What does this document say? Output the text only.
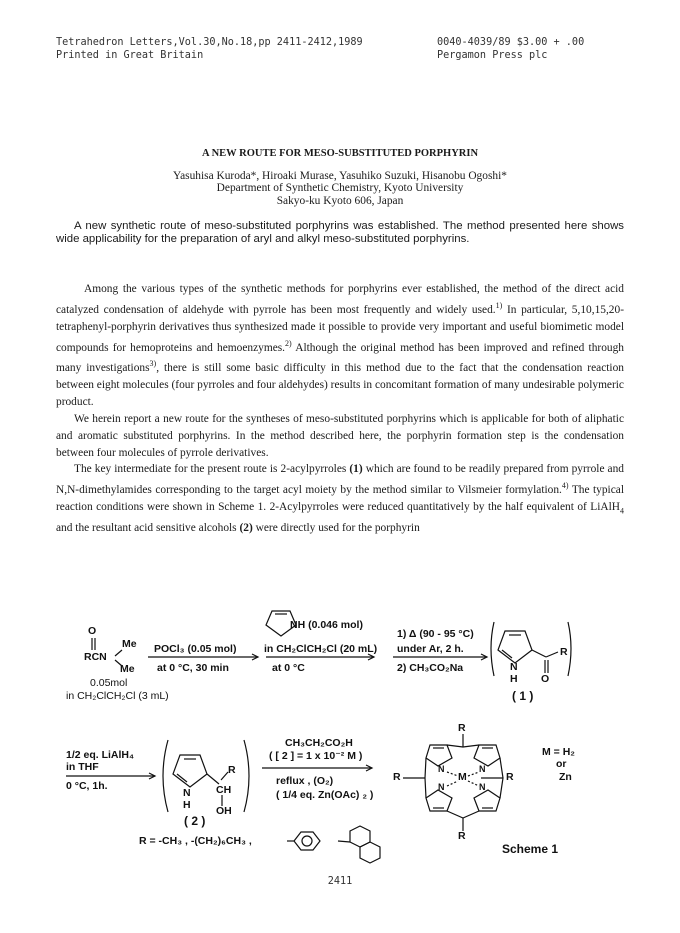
Tetrahedron Letters,Vol.30,No.18,pp 2411-2412,1989
Printed in Great Britain
0040-4039/89 $3.00 + .00
Pergamon Press plc
A NEW ROUTE FOR MESO-SUBSTITUTED PORPHYRIN
Yasuhisa Kuroda*, Hiroaki Murase, Yasuhiko Suzuki, Hisanobu Ogoshi*
Department of Synthetic Chemistry, Kyoto University
Sakyo-ku Kyoto 606, Japan

A new synthetic route of meso-substituted porphyrins was established. The method presented here shows wide applicability for the preparation of aryl and alkyl meso-substituted porphyrins.

Among the various types of the synthetic methods for porphyrins ever established, the method of the direct acid catalyzed condensation of aldehyde with pyrrole has been most frequently and widely used.$^{1)}$ In particular, 5,10,15,20-tetraphenyl-porphyrin derivatives thus synthesized made it possible to provide very important and useful biomimetic model compounds for hemoproteins and hemoenzymes.$^{2)}$ Although the original method has been improved and refined through many investigations$^{3)}$, there is still some basic difficulty in this method due to the fact that the condensation reaction between eight molecules (four pyrroles and four aldehydes) results in concomitant formation of many undesirable polymeric product.

We herein report a new route for the syntheses of meso-substituted porphyrins which is applicable for both of aliphatic and aromatic substituted porphyrins. In the method described here, the porphyrin formation step is the condensation between four molecules of pyrrole derivatives.

The key intermediate for the present route is 2-acylpyrroles (1) which are found to be readily prepared from pyrrole and N,N-dimethylamides corresponding to the target acyl moiety by the method similar to Vilsmeier formylation.$^{4)}$ The typical reaction conditions were shown in Scheme 1. 2-Acylpyrroles were reduced quantitatively by the half equivalent of LiAlH$_4$ and the resultant acid sensitive alcohols (2) were directly used for the porphyrin

O
Me
RCN
Me
0.05mol
in CH₂ClCH₂Cl (3 mL)
POCl₃ (0.05 mol)
at 0 °C, 30 min
NH (0.046 mol)
in CH₂ClCH₂Cl (20 mL)
at 0 °C
1) Δ (90 - 95 °C)
under Ar, 2 h.
2) CH₃CO₂Na
R
N
H O
( 1 )
1/2 eq. LiAlH₄
in THF
0 °C, 1h.
R
N
H
CH
OH
( 2 )
CH₃CH₂CO₂H
( [ 2 ] = 1 x 10⁻² M )
reflux , (O₂)
( 1/4 eq. Zn(OAc) ₂ )
R
R	R
R
M
N	N
N	N
M = H₂
or
Zn
R = -CH₃ , -(CH₂)₆CH₃ ,
Scheme 1
2411
